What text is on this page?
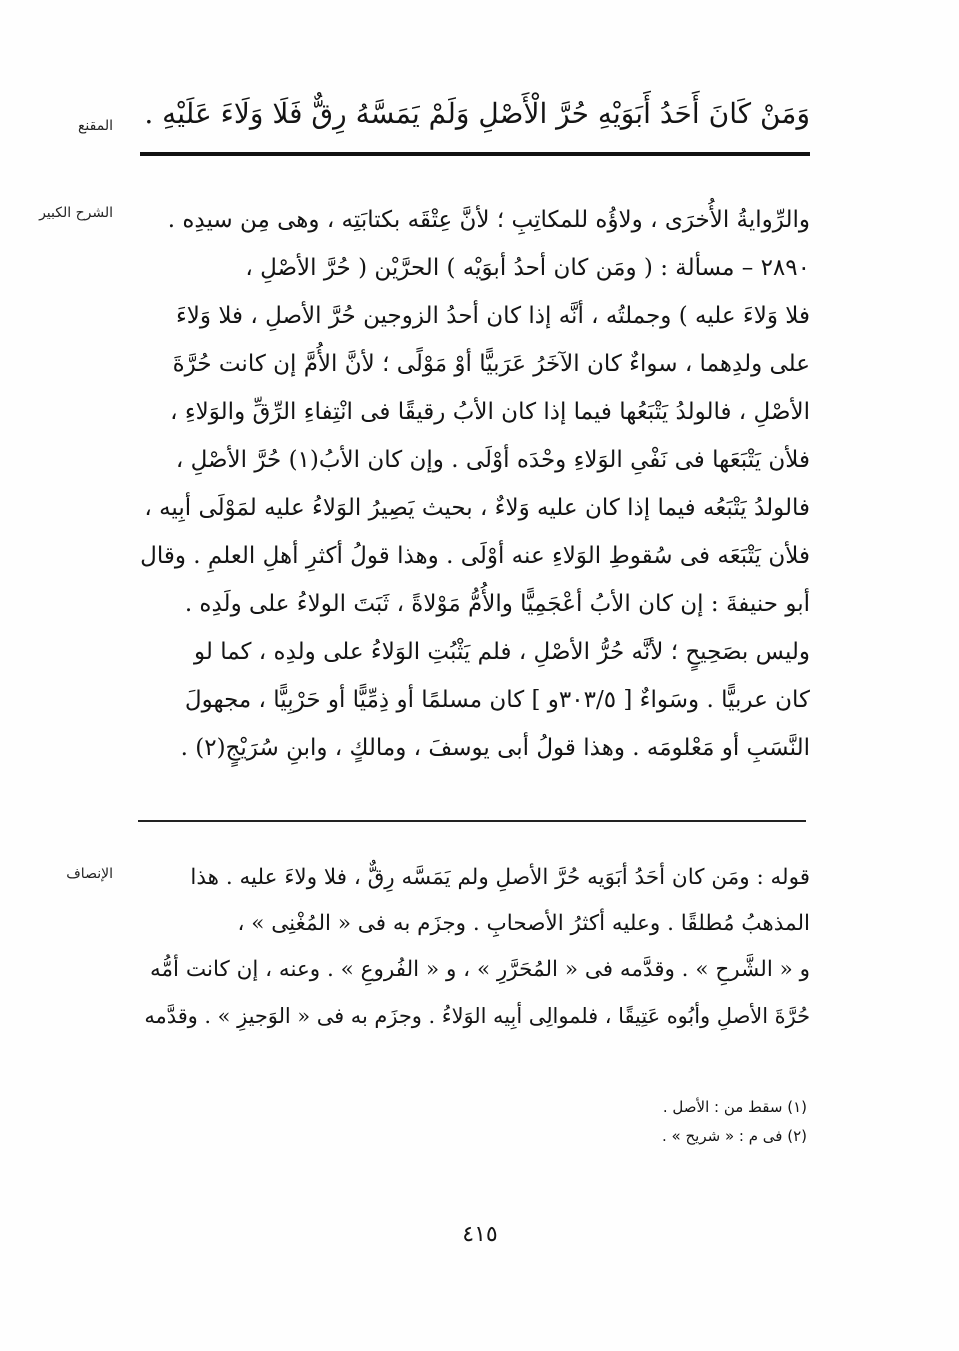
المقنع	وَمَنْ كَانَ أَحَدُ أَبَوَيْهِ حُرَّ الْأَصْلِ وَلَمْ يَمَسَّهُ رِقٌّ فَلَا وَلَاءَ عَلَيْهِ .
الشرح الكبير	والرِّوايةُ الأُخرَى ، ولاؤُه للمكاتِبِ ؛ لأنَّ عِتْقَه بكتابَتِه ، وهى مِن سيدِه .
٢٨٩٠ – مسألة : ( ومَن كان أحدُ أبوَيْه ) الحرَّيْن ( حُرَّ الأصْلِ ،
فلا وَلاءَ عليه ) وجملتُه ، أنَّه إذا كان أحدُ الزوجين حُرَّ الأصلِ ، فلا وَلاءَ
على ولدِهما ، سواءٌ كان الآخَرُ عَرَبيًّا أوْ مَوْلًى ؛ لأنَّ الأُمَّ إن كانت حُرَّةَ
الأصْلِ ، فالولدُ يَتْبَعُها فيما إذا كان الأبُ رقيقًا فى انْتِفاءِ الرِّقِّ والوَلاءِ ،
فلأن يَتْبَعَها فى نَفْىِ الوَلاءِ وحْدَه أوْلَى . وإن كان الأبُ(١) حُرَّ الأصْلِ ،
فالولدُ يَتْبَعُه فيما إذا كان عليه وَلاءٌ ، بحيث يَصِيرُ الوَلاءُ عليه لمَوْلَى أبِيه ،
فلأن يَتْبَعَه فى سُقوطِ الوَلاءِ عنه أوْلَى . وهذا قولُ أكثرِ أهلِ العلمِ . وقال
أبو حنيفةَ : إن كان الأبُ أعْجَمِيًّا والأُمُّ مَوْلاةً ، ثَبَتَ الولاءُ على ولَدِه .
وليس بصَحِيحٍ ؛ لأنَّه حُرُّ الأصْلِ ، فلم يَثْبُتِ الوَلاءُ على ولدِه ، كما لو
كان عربيًّا . وسَواءٌ [ ٣٠٣/٥و ] كان مسلمًا أو ذِمِّيًّا أو حَرْبِيًّا ، مجهولَ
النَّسَبِ أو مَعْلومَه . وهذا قولُ أبى يوسفَ ، ومالكٍ ، وابنِ سُرَيْجٍ(٢) .
الإنصاف	قوله : ومَن كان أحَدُ أبَوَيه حُرَّ الأصلِ ولم يَمَسَّه رِقٌّ ، فلا ولاءَ عليه . هذا
المذهبُ مُطلقًا . وعليه أكثرُ الأصحابِ . وجزَم به فى « المُغْنِى » ،
و « الشَّرحِ » . وقدَّمه فى « المُحَرَّرِ » ، و « الفُروعِ » . وعنه ، إن كانت أمُّه
حُرَّةَ الأصلِ وأبُوه عَتِيقًا ، فلموالِى أبِيه الوَلاءُ . وجزَم به فى « الوَجيزِ » . وقدَّمه
(١) سقط من : الأصل .
(٢) فى م : « شريح » .
٤١٥
